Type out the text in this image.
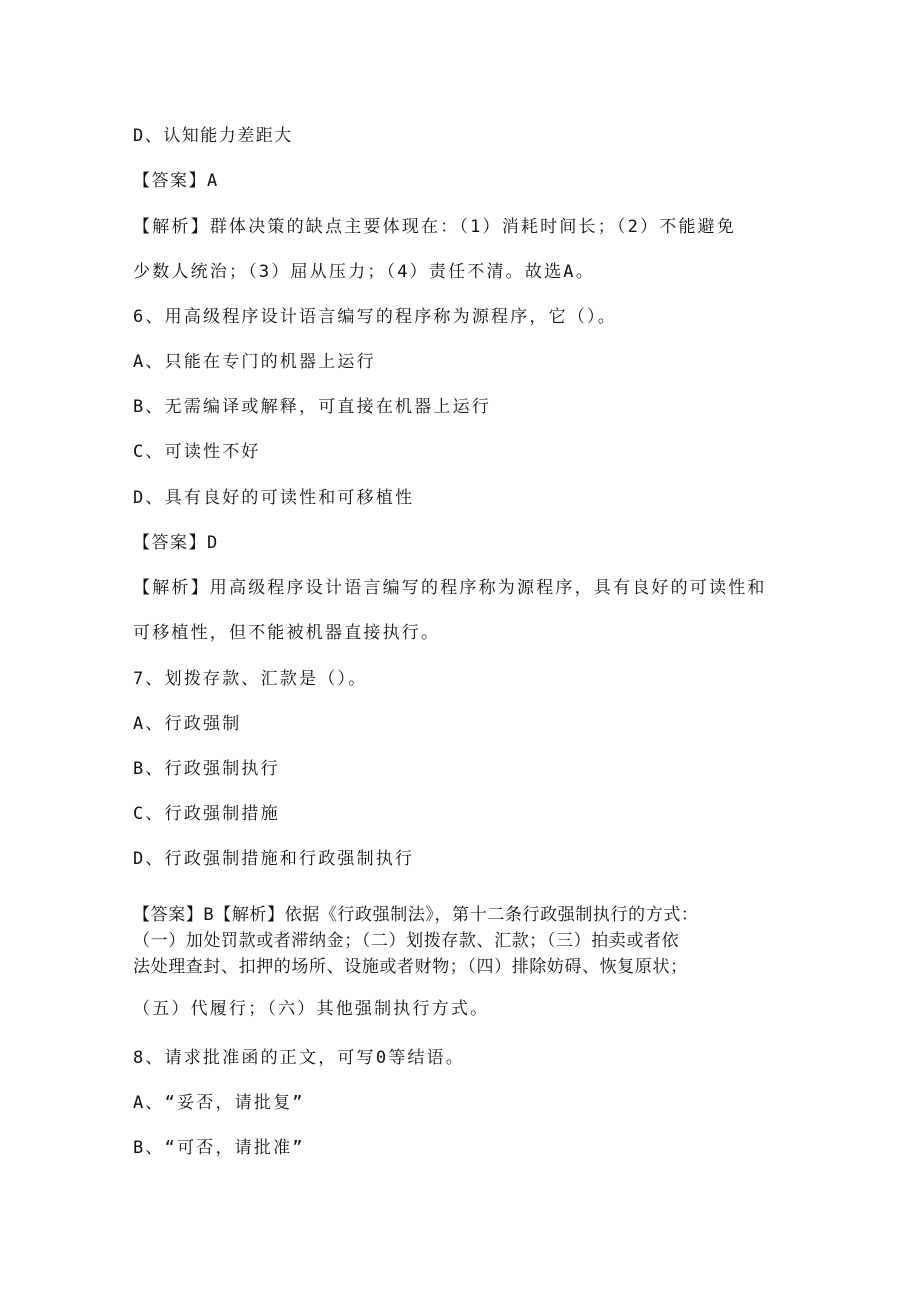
D、认知能力差距大
【答案】A
【解析】群体决策的缺点主要体现在：（1）消耗时间长；（2）不能避免
少数人统治；（3）屈从压力；（4）责任不清。故选A。
6、用高级程序设计语言编写的程序称为源程序，它（）。
A、只能在专门的机器上运行
B、无需编译或解释，可直接在机器上运行
C、可读性不好
D、具有良好的可读性和可移植性
【答案】D
【解析】用高级程序设计语言编写的程序称为源程序，具有良好的可读性和
可移植性，但不能被机器直接执行。
7、划拨存款、汇款是（）。
A、行政强制
B、行政强制执行
C、行政强制措施
D、行政强制措施和行政强制执行
【答案】B【解析】依据《行政强制法》，第十二条行政强制执行的方式：
（一）加处罚款或者滞纳金；（二）划拨存款、汇款；（三）拍卖或者依
法处理查封、扣押的场所、设施或者财物；（四）排除妨碍、恢复原状；
（五）代履行；（六）其他强制执行方式。
8、请求批准函的正文，可写0等结语。
A、“妥否，请批复”
B、“可否，请批准”
